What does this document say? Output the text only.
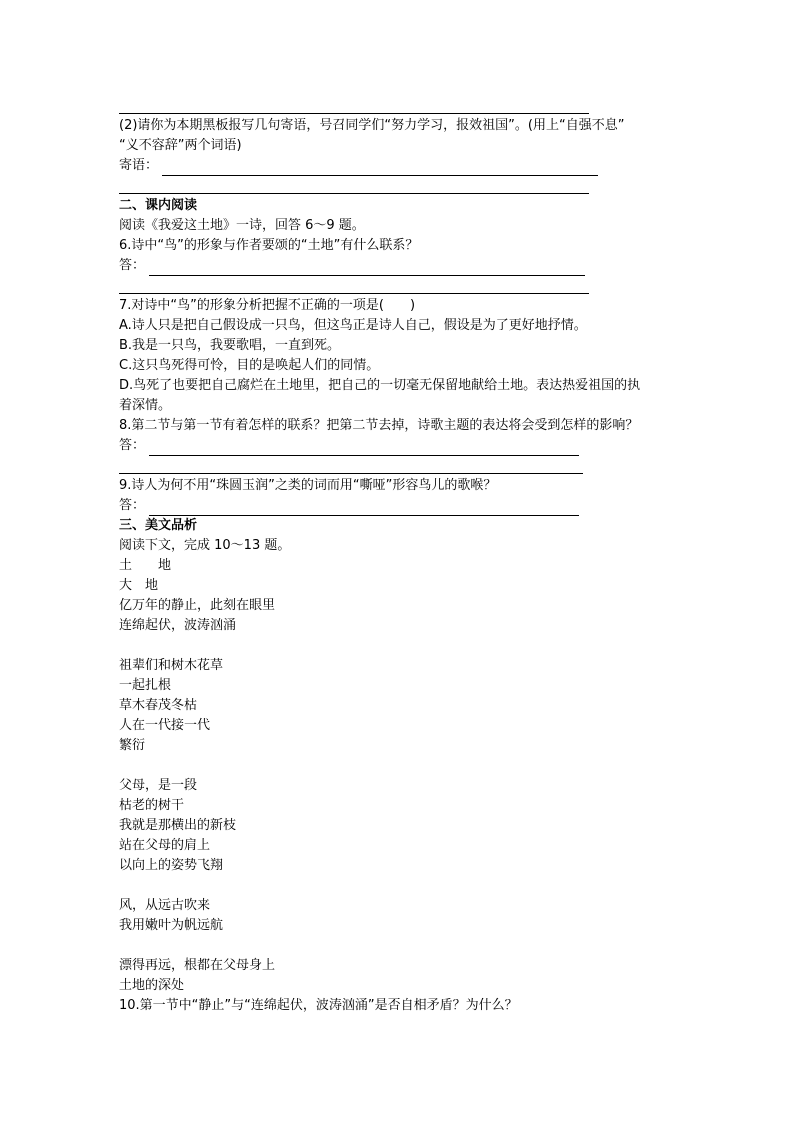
(2)请你为本期黑板报写几句寄语，号召同学们“努力学习，报效祖国”。(用上“自强不息”
“义不容辞”两个词语)
寄语：
二、课内阅读
阅读《我爱这土地》一诗，回答 6～9 题。
6.诗中“鸟”的形象与作者要颂的“土地”有什么联系？
答：
7.对诗中“鸟”的形象分析把握不正确的一项是(　　)
A.诗人只是把自己假设成一只鸟，但这鸟正是诗人自己，假设是为了更好地抒情。
B.我是一只鸟，我要歌唱，一直到死。
C.这只鸟死得可怜，目的是唤起人们的同情。
D.鸟死了也要把自己腐烂在土地里，把自己的一切毫无保留地献给土地。表达热爱祖国的执
着深情。
8.第二节与第一节有着怎样的联系？把第二节去掉，诗歌主题的表达将会受到怎样的影响？
答：
9.诗人为何不用“珠圆玉润”之类的词而用“嘶哑”形容鸟儿的歌喉？
答：
三、美文品析
阅读下文，完成 10～13 题。
土　　地
大　地
亿万年的静止，此刻在眼里
连绵起伏，波涛汹涌
祖辈们和树木花草
一起扎根
草木春茂冬枯
人在一代接一代
繁衍
父母，是一段
枯老的树干
我就是那横出的新枝
站在父母的肩上
以向上的姿势飞翔
风，从远古吹来
我用嫩叶为帆远航
漂得再远，根都在父母身上
土地的深处
10.第一节中“静止”与“连绵起伏，波涛汹涌”是否自相矛盾？为什么？
